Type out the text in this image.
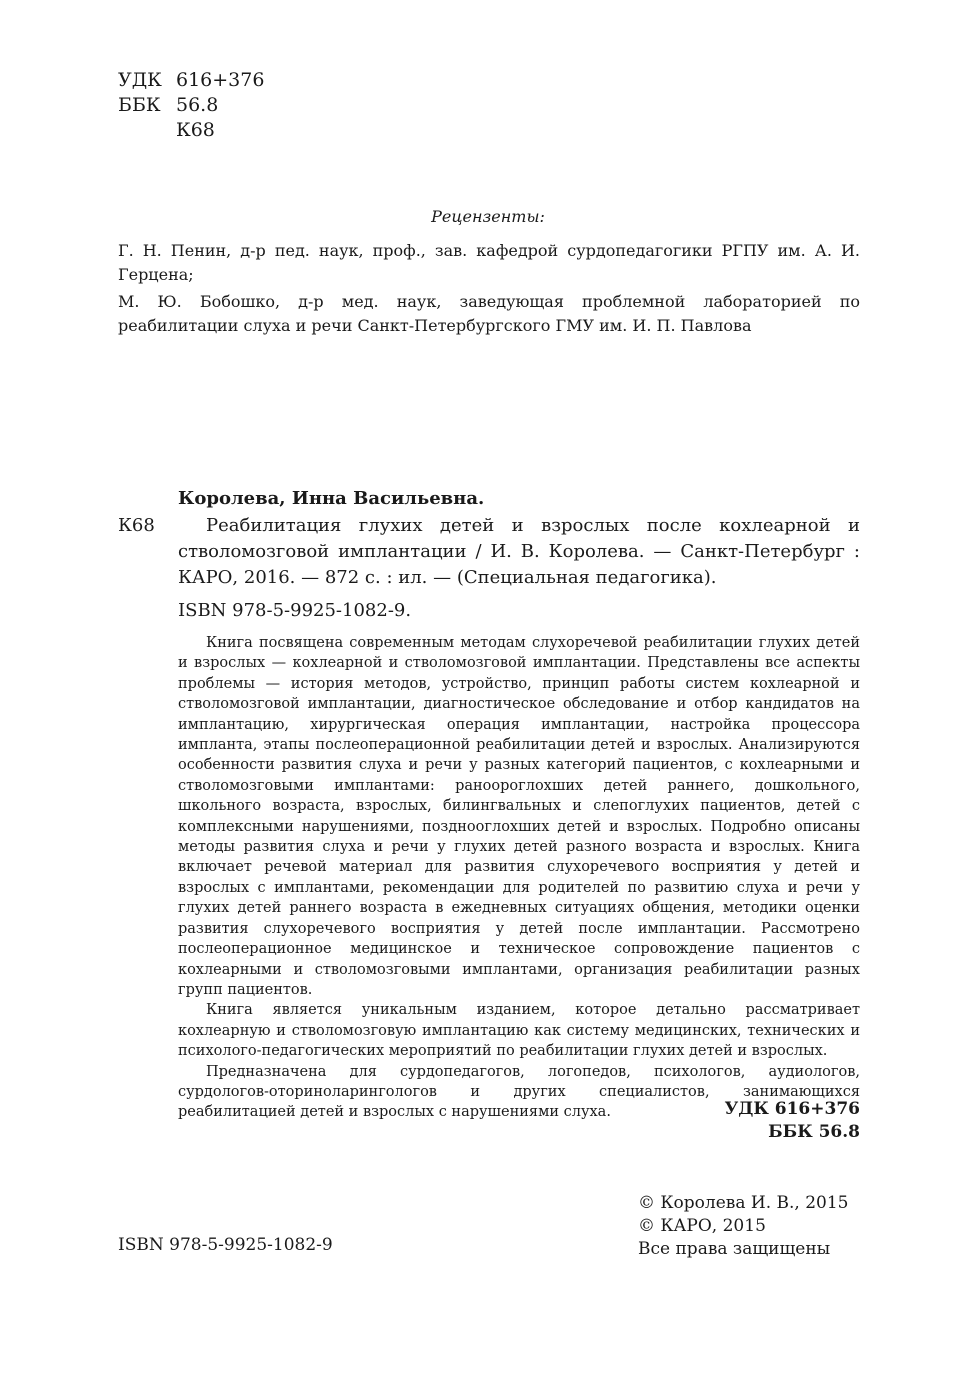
УДК 616+376
ББК 56.8
К68
Рецензенты:
Г. Н. Пенин, д-р пед. наук, проф., зав. кафедрой сурдопедагогики РГПУ им. А. И. Герцена;
М. Ю. Бобошко, д-р мед. наук, заведующая проблемной лабораторией по реабилитации слуха и речи Санкт-Петербургского ГМУ им. И. П. Павлова
Королева, Инна Васильевна.
К68	Реабилитация глухих детей и взрослых после кохлеарной и стволомозговой имплантации / И. В. Королева. — Санкт-Петербург : КАРО, 2016. — 872 с. : ил. — (Специальная педагогика).
ISBN 978-5-9925-1082-9.

Книга посвящена современным методам слухоречевой реабилитации глухих детей и взрослых — кохлеарной и стволомозговой имплантации. Представлены все аспекты проблемы — история методов, устройство, принцип работы систем кохлеарной и стволомозговой имплантации, диагностическое обследование и отбор кандидатов на имплантацию, хирургическая операция имплантации, настройка процессора импланта, этапы послеоперационной реабилитации детей и взрослых. Анализируются особенности развития слуха и речи у разных категорий пациентов, с кохлеарными и стволомозговыми имплантами: раноороглохших детей раннего, дошкольного, школьного возраста, взрослых, билингвальных и слепоглухих пациентов, детей с комплексными нарушениями, позднооглохших детей и взрослых. Подробно описаны методы развития слуха и речи у глухих детей разного возраста и взрослых. Книга включает речевой материал для развития слухоречевого восприятия у детей и взрослых с имплантами, рекомендации для родителей по развитию слуха и речи у глухих детей раннего возраста в ежедневных ситуациях общения, методики оценки развития слухоречевого восприятия у детей после имплантации. Рассмотрено послеоперационное медицинское и техническое сопровождение пациентов с кохлеарными и стволомозговыми имплантами, организация реабилитации разных групп пациентов.

Книга является уникальным изданием, которое детально рассматривает кохлеарную и стволомозговую имплантацию как систему медицинских, технических и психолого-педагогических мероприятий по реабилитации глухих детей и взрослых.

Предназначена для сурдопедагогов, логопедов, психологов, аудиологов, сурдологов-оториноларингологов и других специалистов, занимающихся реабилитацией детей и взрослых с нарушениями слуха.	УДК 616+376
ББК 56.8
© Королева И. В., 2015
© КАРО, 2015
Все права защищены
ISBN 978-5-9925-1082-9
